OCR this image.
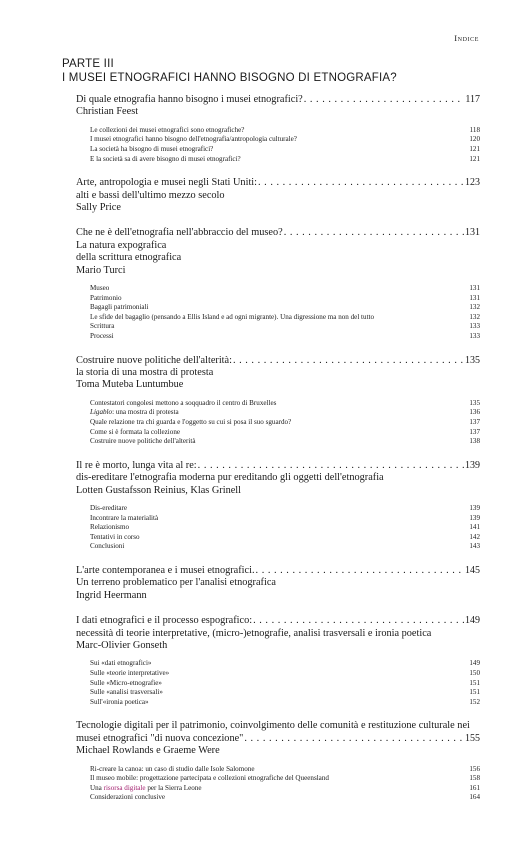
Indice
PARTE III
I MUSEI ETNOGRAFICI HANNO BISOGNO DI ETNOGRAFIA?
Di quale etnografia hanno bisogno i musei etnografici? . . .	117
Christian Feest
Le collezioni dei musei etnografici sono etnografiche?	118
I musei etnografici hanno bisogno dell'etnografia/antropologia culturale?	120
La società ha bisogno di musei etnografici?	121
E la società sa di avere bisogno di musei etnografici?	121
Arte, antropologia e musei negli Stati Uniti: . . .	123
alti e bassi dell'ultimo mezzo secolo
Sally Price
Che ne è dell'etnografia nell'abbraccio del museo? . . .	131
La natura expografica
della scrittura etnografica
Mario Turci
Museo	131
Patrimonio	131
Bagagli patrimoniali	132
Le sfide del bagaglio (pensando a Ellis Island e ad ogni migrante). Una digressione ma non del tutto	132
Scrittura	133
Processi	133
Costruire nuove politiche dell'alterità: . . .	135
la storia di una mostra di protesta
Toma Muteba Luntumbue
Contestatori congolesi mettono a soqquadro il centro di Bruxelles	135
Ligablo: una mostra di protesta	136
Quale relazione tra chi guarda e l'oggetto su cui si posa il suo sguardo?	137
Come si è formata la collezione	137
Costruire nuove politiche dell'alterità	138
Il re è morto, lunga vita al re: . . .	139
dis-ereditare l'etnografia moderna pur ereditando gli oggetti dell'etnografia
Lotten Gustafsson Reinius, Klas Grinell
Dis-ereditare	139
Incontrare la materialità	139
Relazionismo	141
Tentativi in corso	142
Conclusioni	143
L'arte contemporanea e i musei etnografici. . . .	145
Un terreno problematico per l'analisi etnografica
Ingrid Heermann
I dati etnografici e il processo espografico: . . .	149
necessità di teorie interpretative, (micro-)etnografie, analisi trasversali e ironia poetica
Marc-Olivier Gonseth
Sui «dati etnografici»	149
Sulle «teorie interpretative»	150
Sulle «Micro-etnografie»	151
Sulle «analisi trasversali»	151
Sull'«ironia poetica»	152
Tecnologie digitali per il patrimonio, coinvolgimento delle comunità e restituzione culturale nei
musei etnografici "di nuova concezione" . . .	155
Michael Rowlands e Graeme Were
Ri-creare la canoa: un caso di studio dalle Isole Salomone	156
Il museo mobile: progettazione partecipata e collezioni etnografiche del Queensland	158
Una risorsa digitale per la Sierra Leone	161
Considerazioni conclusive	164
